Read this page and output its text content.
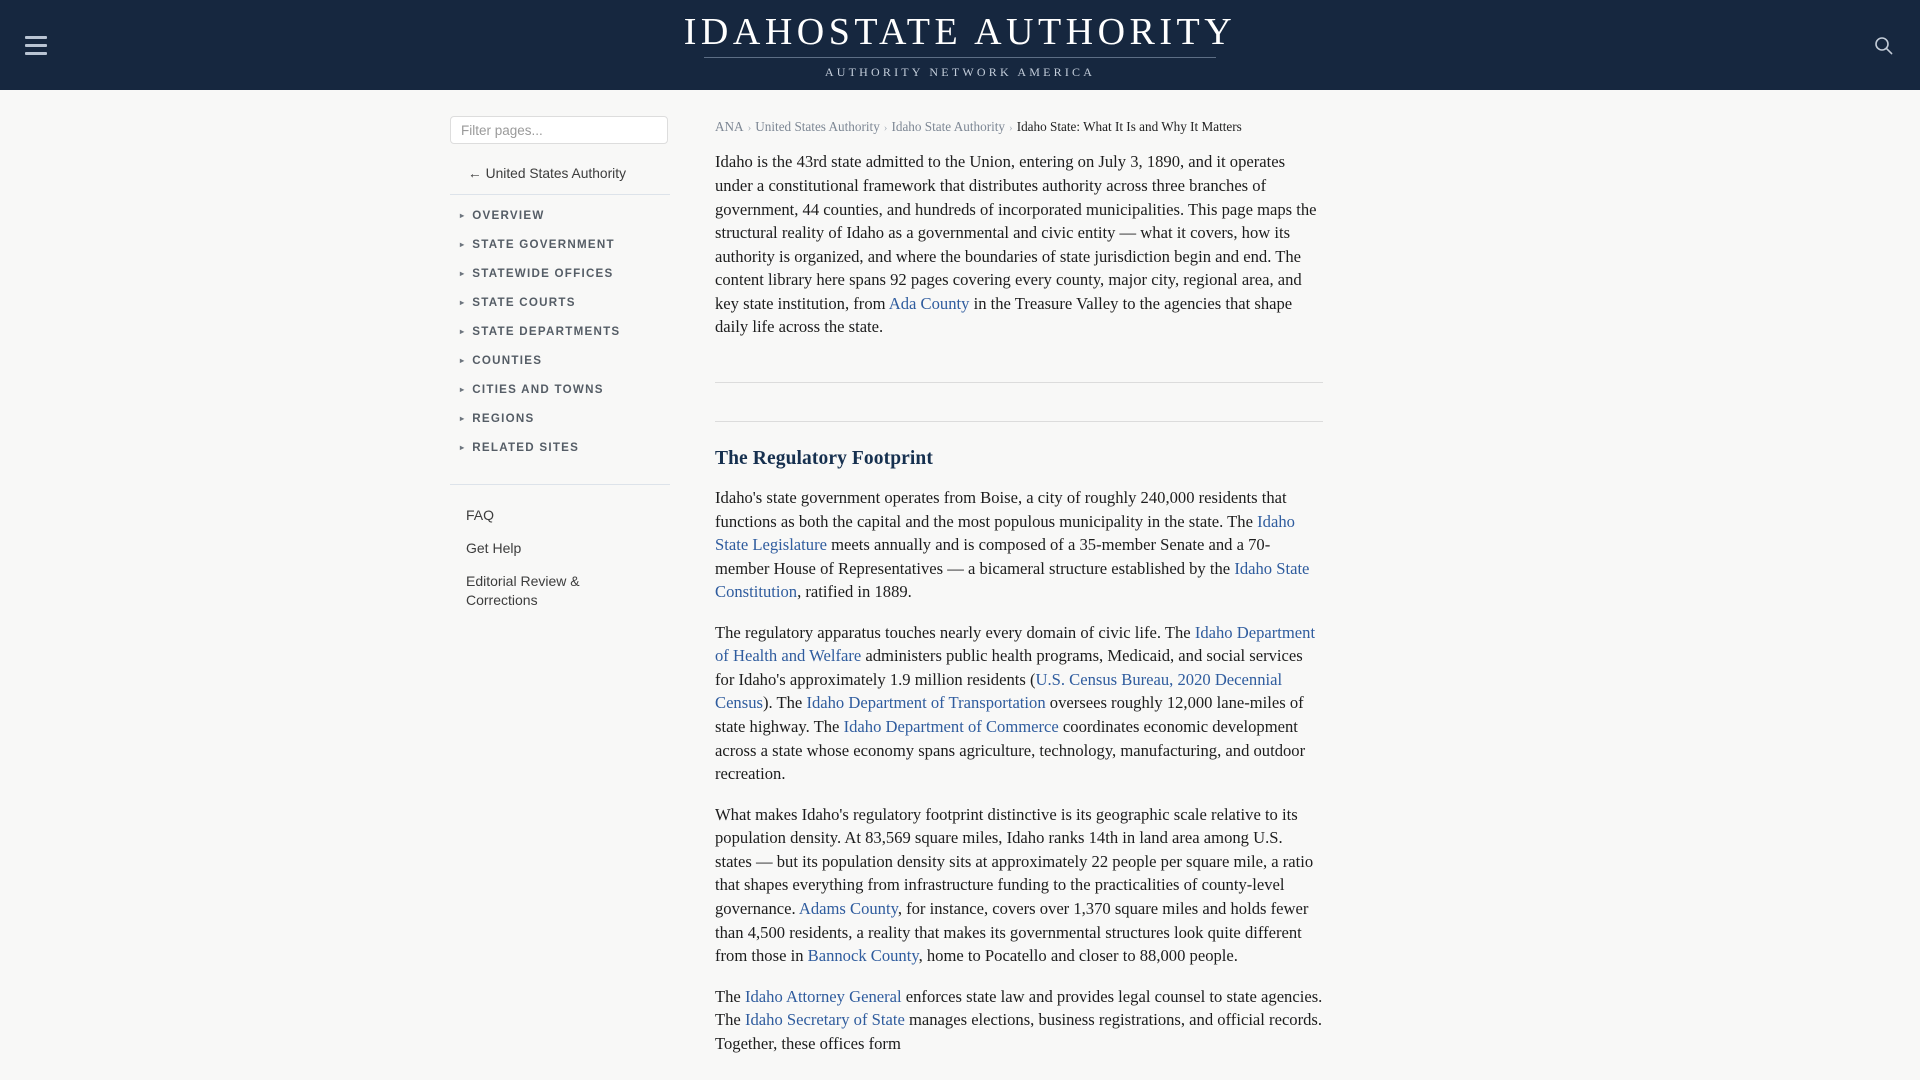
IDAHOSTATE AUTHORITY
AUTHORITY NETWORK AMERICA
Filter pages...
← United States Authority
▸ OVERVIEW
▸ STATE GOVERNMENT
▸ STATEWIDE OFFICES
▸ STATE COURTS
▸ STATE DEPARTMENTS
▸ COUNTIES
▸ CITIES AND TOWNS
▸ REGIONS
▸ RELATED SITES
FAQ
Get Help
Editorial Review & Corrections
ANA › United States Authority › Idaho State Authority › Idaho State: What It Is and Why It Matters

Idaho is the 43rd state admitted to the Union, entering on July 3, 1890, and it operates under a constitutional framework that distributes authority across three branches of government, 44 counties, and hundreds of incorporated municipalities. This page maps the structural reality of Idaho as a governmental and civic entity — what it covers, how its authority is organized, and where the boundaries of state jurisdiction begin and end. The content library here spans 92 pages covering every county, major city, regional area, and key state institution, from Ada County in the Treasure Valley to the agencies that shape daily life across the state.

The Regulatory Footprint

Idaho's state government operates from Boise, a city of roughly 240,000 residents that functions as both the capital and the most populous municipality in the state. The Idaho State Legislature meets annually and is composed of a 35-member Senate and a 70-member House of Representatives — a bicameral structure established by the Idaho State Constitution, ratified in 1889.

The regulatory apparatus touches nearly every domain of civic life. The Idaho Department of Health and Welfare administers public health programs, Medicaid, and social services for Idaho's approximately 1.9 million residents (U.S. Census Bureau, 2020 Decennial Census). The Idaho Department of Transportation oversees roughly 12,000 lane-miles of state highway. The Idaho Department of Commerce coordinates economic development across a state whose economy spans agriculture, technology, manufacturing, and outdoor recreation.

What makes Idaho's regulatory footprint distinctive is its geographic scale relative to its population density. At 83,569 square miles, Idaho ranks 14th in land area among U.S. states — but its population density sits at approximately 22 people per square mile, a ratio that shapes everything from infrastructure funding to the practicalities of county-level governance. Adams County, for instance, covers over 1,370 square miles and holds fewer than 4,500 residents, a reality that makes its governmental structures look quite different from those in Bannock County, home to Pocatello and closer to 88,000 people.

The Idaho Attorney General enforces state law and provides legal counsel to state agencies. The Idaho Secretary of State manages elections, business registrations, and official records. Together, these offices form
